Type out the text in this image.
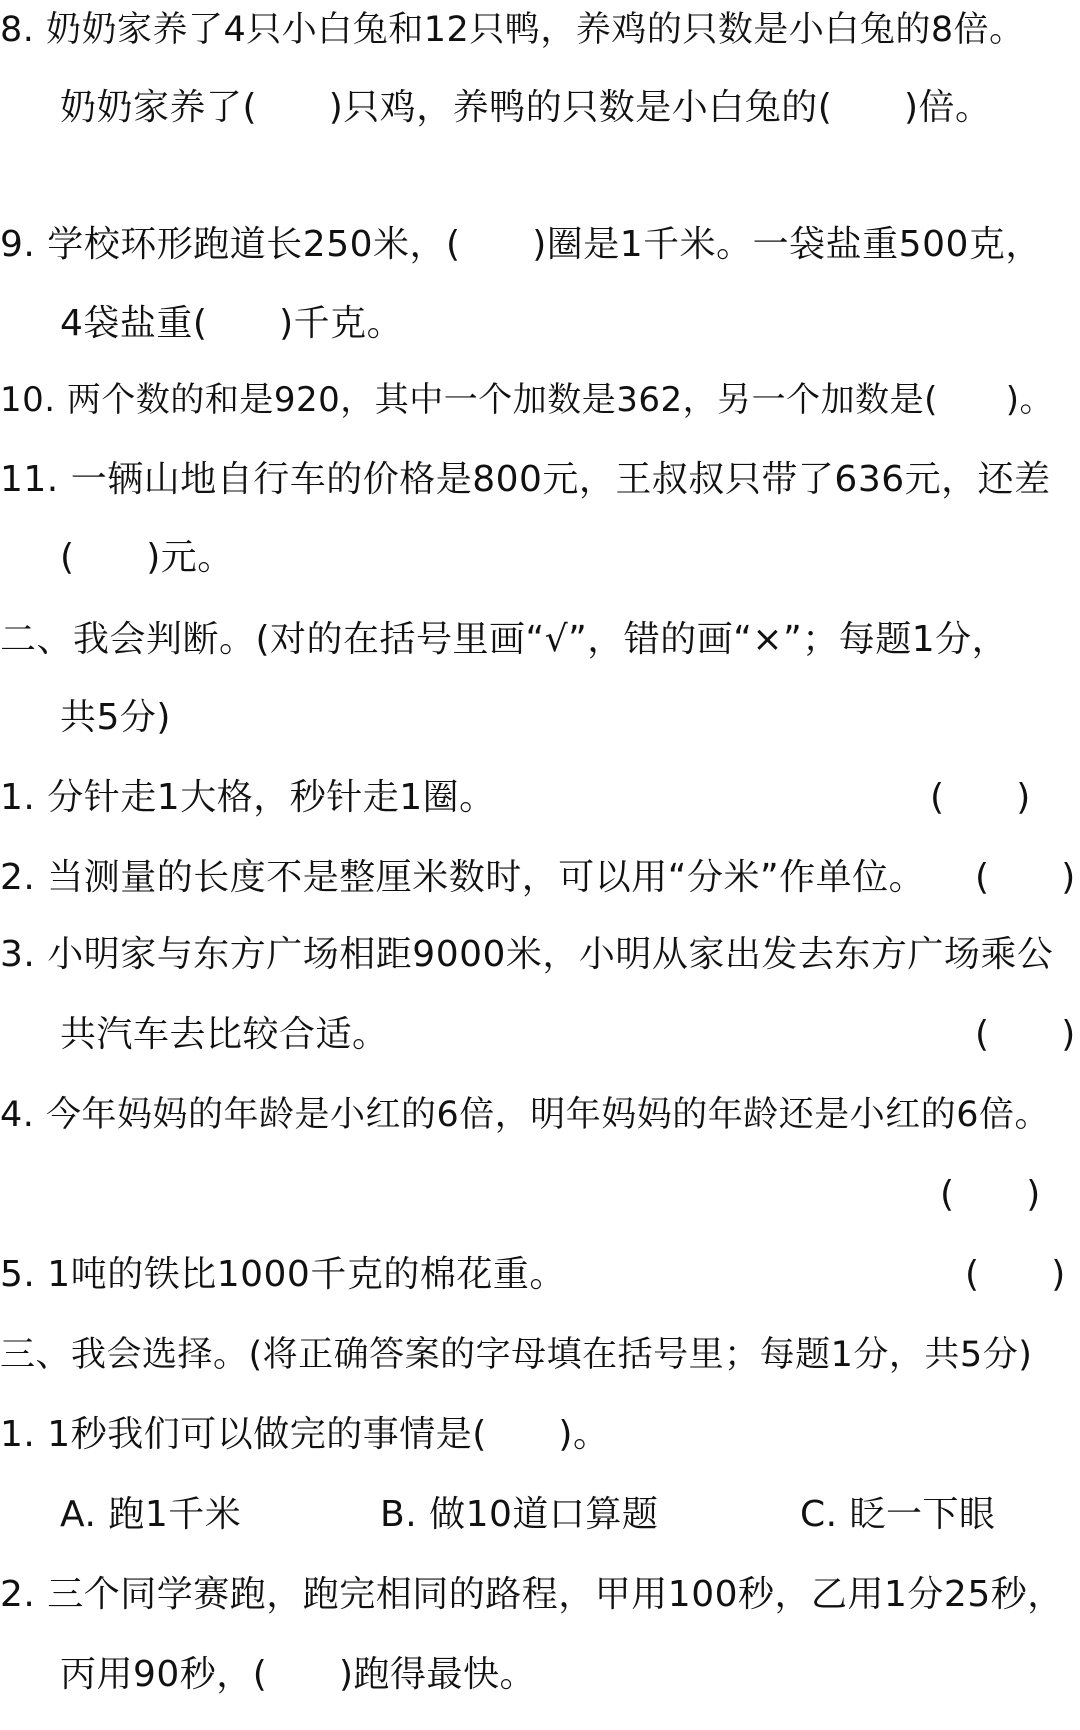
8. 奶奶家养了4只小白兔和12只鸭，养鸡的只数是小白兔的8倍。
奶奶家养了(      )只鸡，养鸭的只数是小白兔的(      )倍。
9. 学校环形跑道长250米，(      )圈是1千米。一袋盐重500克，
4袋盐重(      )千克。
10. 两个数的和是920，其中一个加数是362，另一个加数是(      )。
11. 一辆山地自行车的价格是800元，王叔叔只带了636元，还差
(      )元。
二、我会判断。(对的在括号里画“√”，错的画“×”；每题1分，
共5分)
1. 分针走1大格，秒针走1圈。	(      )
2. 当测量的长度不是整厘米数时，可以用“分米”作单位。	(      )
3. 小明家与东方广场相距9000米，小明从家出发去东方广场乘公
共汽车去比较合适。	(      )
4. 今年妈妈的年龄是小红的6倍，明年妈妈的年龄还是小红的6倍。
(      )
5. 1吨的铁比1000千克的棉花重。	(      )
三、我会选择。(将正确答案的字母填在括号里；每题1分，共5分)
1. 1秒我们可以做完的事情是(      )。
A. 跑1千米	B. 做10道口算题	C. 眨一下眼
2. 三个同学赛跑，跑完相同的路程，甲用100秒，乙用1分25秒，
丙用90秒，(      )跑得最快。
